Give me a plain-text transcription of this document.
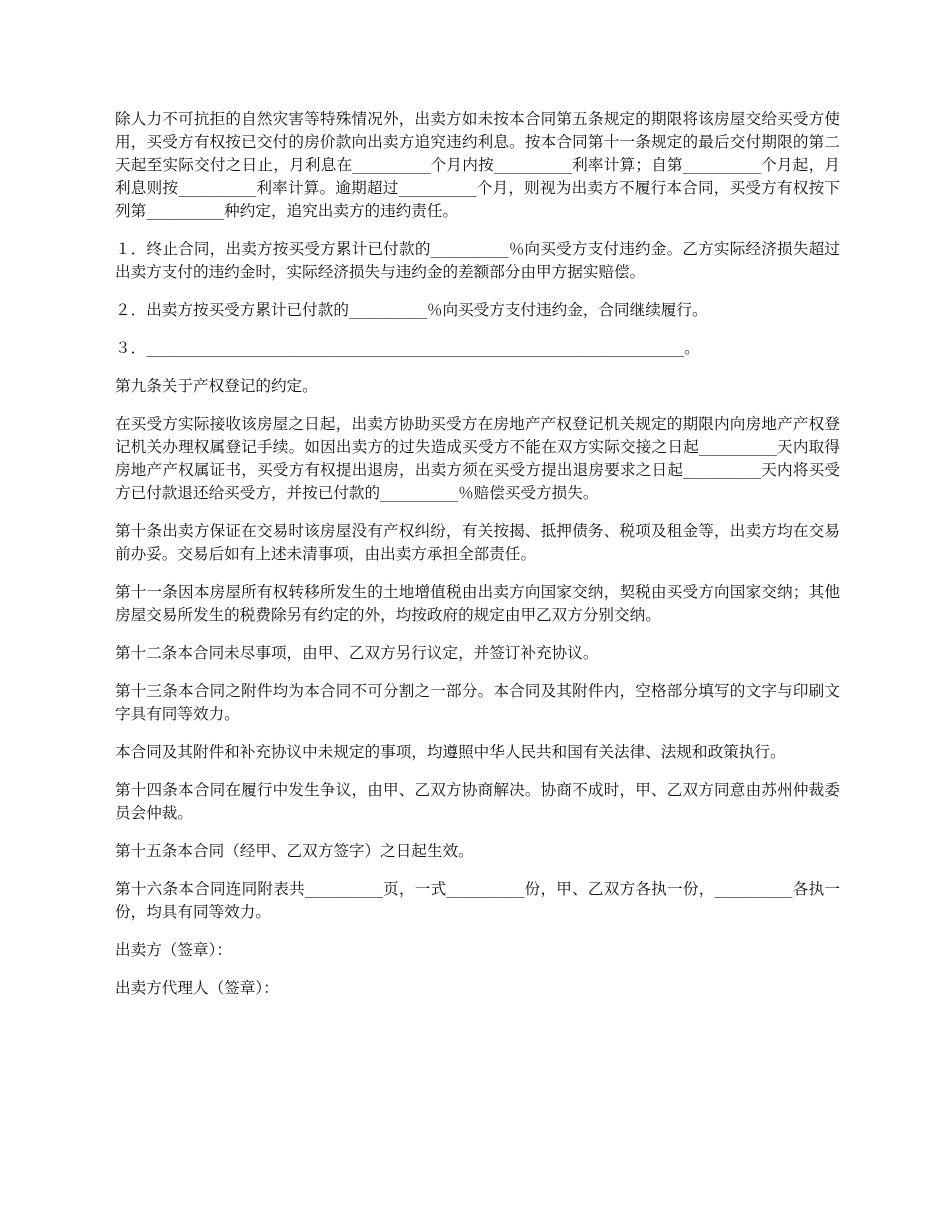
除人力不可抗拒的自然灾害等特殊情况外，出卖方如未按本合同第五条规定的期限将该房屋交给买受方使用，买受方有权按已交付的房价款向出卖方追究违约利息。按本合同第十一条规定的最后交付期限的第二天起至实际交付之日止，月利息在__________个月内按__________利率计算；自第__________个月起，月利息则按__________利率计算。逾期超过__________个月，则视为出卖方不履行本合同，买受方有权按下列第__________种约定，追究出卖方的违约责任。

１．终止合同，出卖方按买受方累计已付款的__________％向买受方支付违约金。乙方实际经济损失超过出卖方支付的违约金时，实际经济损失与违约金的差额部分由甲方据实赔偿。

２．出卖方按买受方累计已付款的__________％向买受方支付违约金，合同继续履行。

３．_____________________________________________________________________。

第九条关于产权登记的约定。

在买受方实际接收该房屋之日起，出卖方协助买受方在房地产产权登记机关规定的期限内向房地产产权登记机关办理权属登记手续。如因出卖方的过失造成买受方不能在双方实际交接之日起__________天内取得房地产产权属证书，买受方有权提出退房，出卖方须在买受方提出退房要求之日起__________天内将买受方已付款退还给买受方，并按已付款的__________％赔偿买受方损失。

第十条出卖方保证在交易时该房屋没有产权纠纷，有关按揭、抵押债务、税项及租金等，出卖方均在交易前办妥。交易后如有上述未清事项，由出卖方承担全部责任。

第十一条因本房屋所有权转移所发生的土地增值税由出卖方向国家交纳，契税由买受方向国家交纳；其他房屋交易所发生的税费除另有约定的外，均按政府的规定由甲乙双方分别交纳。

第十二条本合同未尽事项，由甲、乙双方另行议定，并签订补充协议。

第十三条本合同之附件均为本合同不可分割之一部分。本合同及其附件内，空格部分填写的文字与印刷文字具有同等效力。

本合同及其附件和补充协议中未规定的事项，均遵照中华人民共和国有关法律、法规和政策执行。

第十四条本合同在履行中发生争议，由甲、乙双方协商解决。协商不成时，甲、乙双方同意由苏州仲裁委员会仲裁。

第十五条本合同（经甲、乙双方签字）之日起生效。

第十六条本合同连同附表共__________页，一式__________份，甲、乙双方各执一份，__________各执一份，均具有同等效力。

出卖方（签章）：

出卖方代理人（签章）：
